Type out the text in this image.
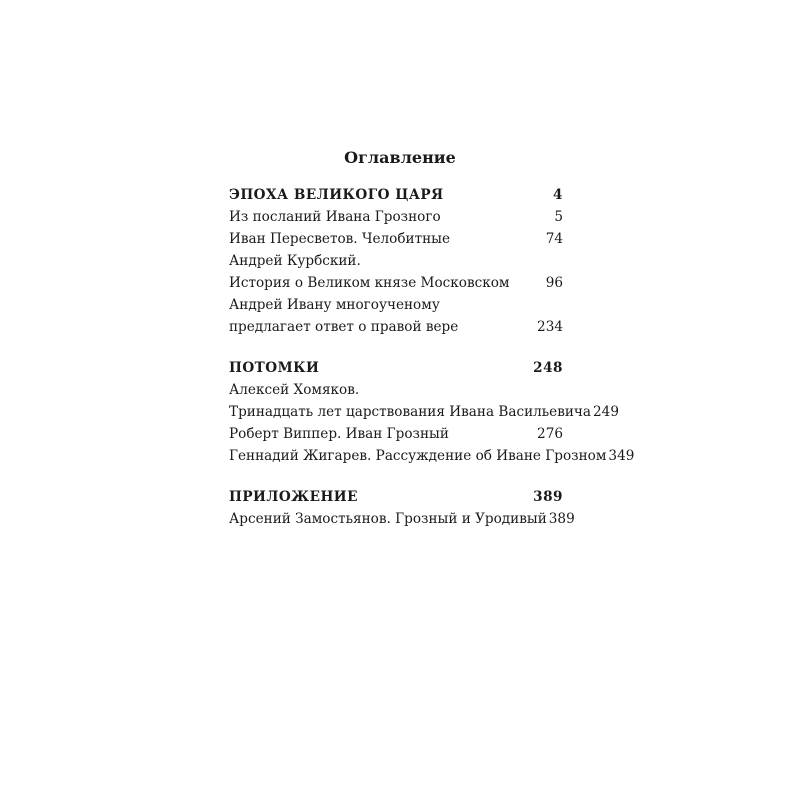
Оглавление
ЭПОХА ВЕЛИКОГО ЦАРЯ	4
Из посланий Ивана Грозного	5
Иван Пересветов. Челобитные	74
Андрей Курбский.
История о Великом князе Московском	96
Андрей Ивану многоученому
предлагает ответ о правой вере	234
ПОТОМКИ	248
Алексей Хомяков.
Тринадцать лет царствования Ивана Васильевича 249
Роберт Виппер. Иван Грозный	276
Геннадий Жигарев. Рассуждение об Иване Грозном 349
ПРИЛОЖЕНИЕ	389
Арсений Замостьянов. Грозный и Уродивый 389
